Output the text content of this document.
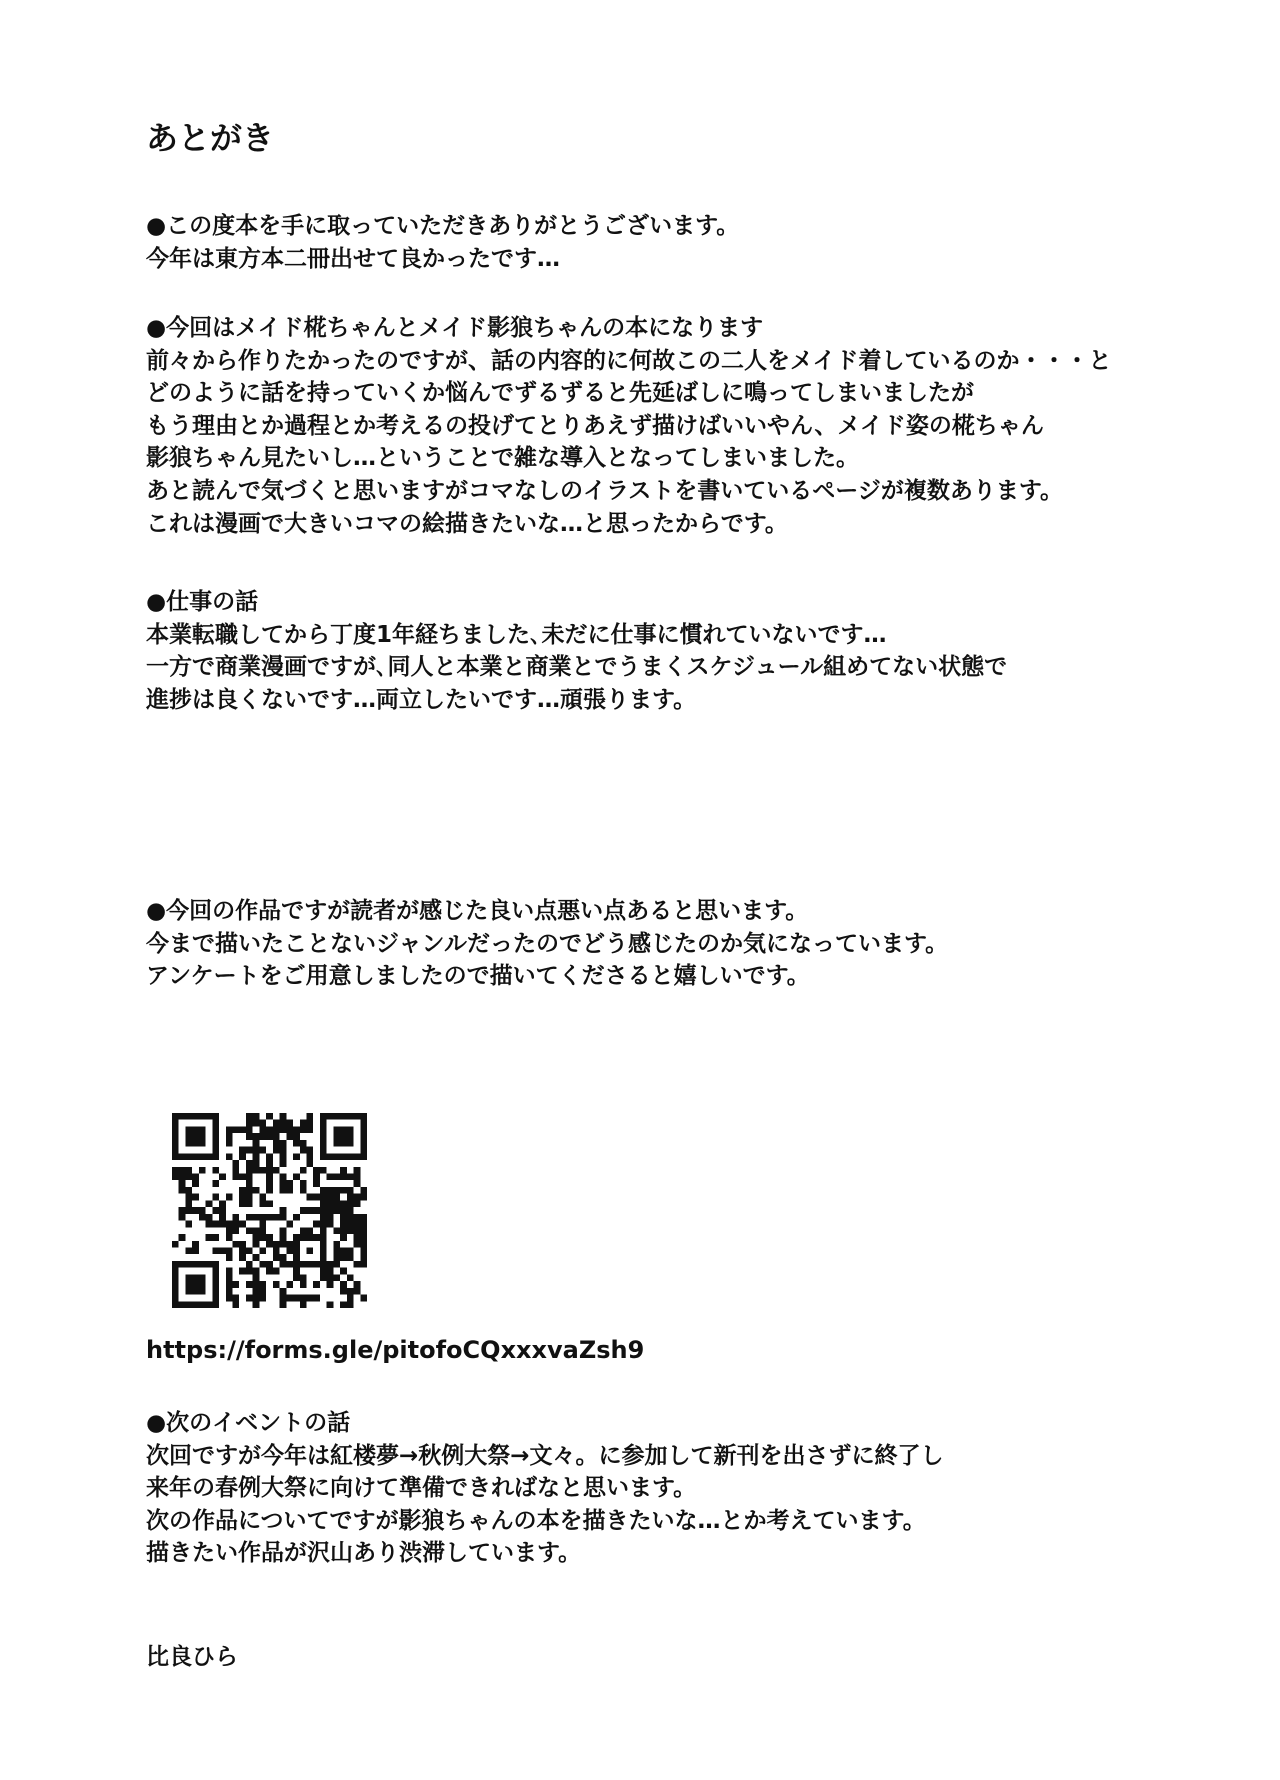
あとがき
●この度本を手に取っていただきありがとうございます。
今年は東方本二冊出せて良かったです…
●今回はメイド椛ちゃんとメイド影狼ちゃんの本になります
前々から作りたかったのですが、話の内容的に何故この二人をメイド着しているのか・・・と
どのように話を持っていくか悩んでずるずると先延ばしに鳴ってしまいましたが
もう理由とか過程とか考えるの投げてとりあえず描けばいいやん、メイド姿の椛ちゃん
影狼ちゃん見たいし…ということで雑な導入となってしまいました。
あと読んで気づくと思いますがコマなしのイラストを書いているページが複数あります。
これは漫画で大きいコマの絵描きたいな…と思ったからです。
●仕事の話
本業転職してから丁度1年経ちました､未だに仕事に慣れていないです…
一方で商業漫画ですが､同人と本業と商業とでうまくスケジュール組めてない状態で
進捗は良くないです…両立したいです…頑張ります。
●今回の作品ですが読者が感じた良い点悪い点あると思います。
今まで描いたことないジャンルだったのでどう感じたのか気になっています。
アンケートをご用意しましたので描いてくださると嬉しいです。
https://forms.gle/pitofoCQxxxvaZsh9
●次のイベントの話
次回ですが今年は紅楼夢→秋例大祭→文々。に参加して新刊を出さずに終了し
来年の春例大祭に向けて準備できればなと思います。
次の作品についてですが影狼ちゃんの本を描きたいな…とか考えています。
描きたい作品が沢山あり渋滞しています。
比良ひら
